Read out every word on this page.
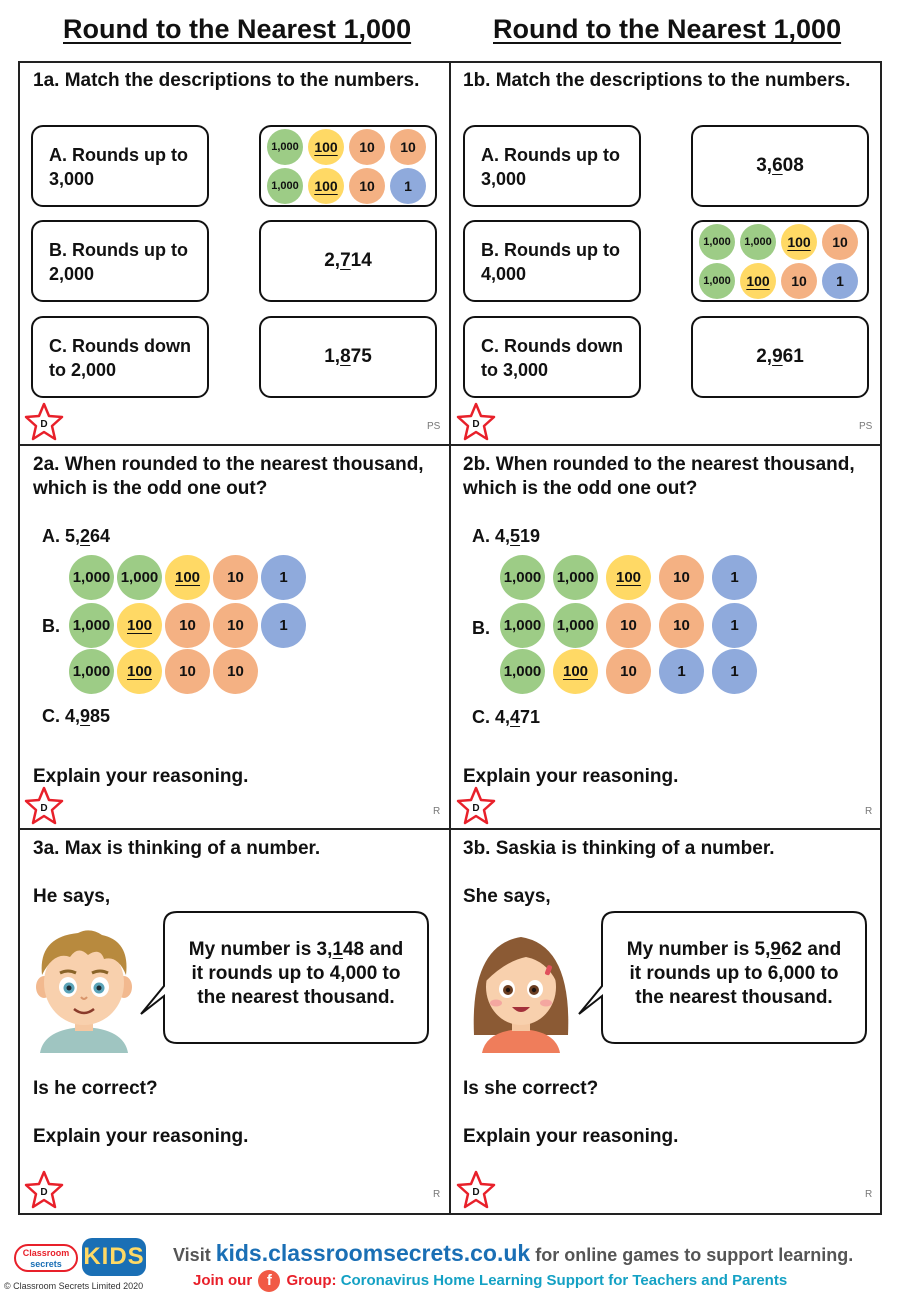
Round to the Nearest 1,000	Round to the Nearest 1,000
1a. Match the descriptions to the numbers.
A. Rounds up to 3,000
B. Rounds up to 2,000
C. Rounds down to 2,000
1,000	100	10	10
1,000	100	10	1
2, 7 14
1, 8 75
D	PS
1b. Match the descriptions to the numbers.
A. Rounds up to 3,000
B. Rounds up to 4,000
C. Rounds down to 3,000
3, 6 08
1,000	1,000	100	10
1,000	100	10	1
2, 9 61
D	PS
2a. When rounded to the nearest thousand, which is the odd one out?
A. 5,264
B.
1,000 1,000	100	10	1
1,000	100	10	10	1
1,000	100	10	10
C. 4,985
Explain your reasoning.
D	R
2b. When rounded to the nearest thousand, which is the odd one out?
A. 4,519
B.
1,000 1,000	100	10	1
1,000 1,000	10	10	1
1,000	100	10	1	1
C. 4,471
Explain your reasoning.
D	R
3a. Max is thinking of a number.
He says,
My number is 3,148 and
it rounds up to 4,000 to
the nearest thousand.
Is he correct?
Explain your reasoning.
D	R
3b. Saskia is thinking of a number.
She says,
My number is 5,962 and
it rounds up to 6,000 to
the nearest thousand.
Is she correct?
Explain your reasoning.
D	R
Classroom
secrets KIDS
© Classroom Secrets Limited 2020
Visit kids.classroomsecrets.co.uk for online games to support learning.
Join our f Group: Coronavirus Home Learning Support for Teachers and Parents
